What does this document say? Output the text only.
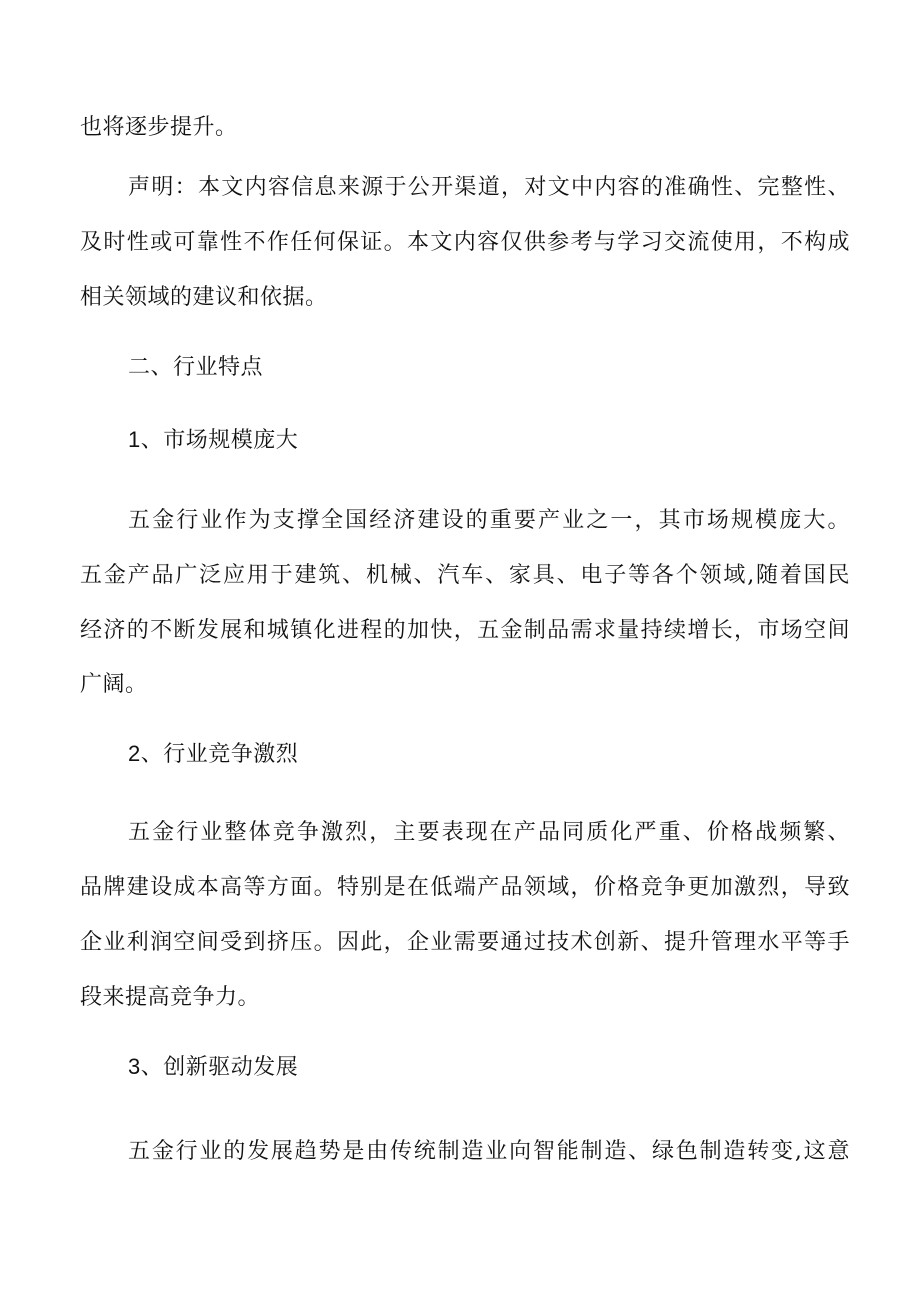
也将逐步提升。
声明：本文内容信息来源于公开渠道，对文中内容的准确性、完整性、
及时性或可靠性不作任何保证。本文内容仅供参考与学习交流使用，不构成
相关领域的建议和依据。
二、行业特点
1、市场规模庞大
五金行业作为支撑全国经济建设的重要产业之一，其市场规模庞大。
五金产品广泛应用于建筑、机械、汽车、家具、电子等各个领域,随着国民
经济的不断发展和城镇化进程的加快，五金制品需求量持续增长，市场空间
广阔。
2、行业竞争激烈
五金行业整体竞争激烈，主要表现在产品同质化严重、价格战频繁、
品牌建设成本高等方面。特别是在低端产品领域，价格竞争更加激烈，导致
企业利润空间受到挤压。因此，企业需要通过技术创新、提升管理水平等手
段来提高竞争力。
3、创新驱动发展
五金行业的发展趋势是由传统制造业向智能制造、绿色制造转变,这意
